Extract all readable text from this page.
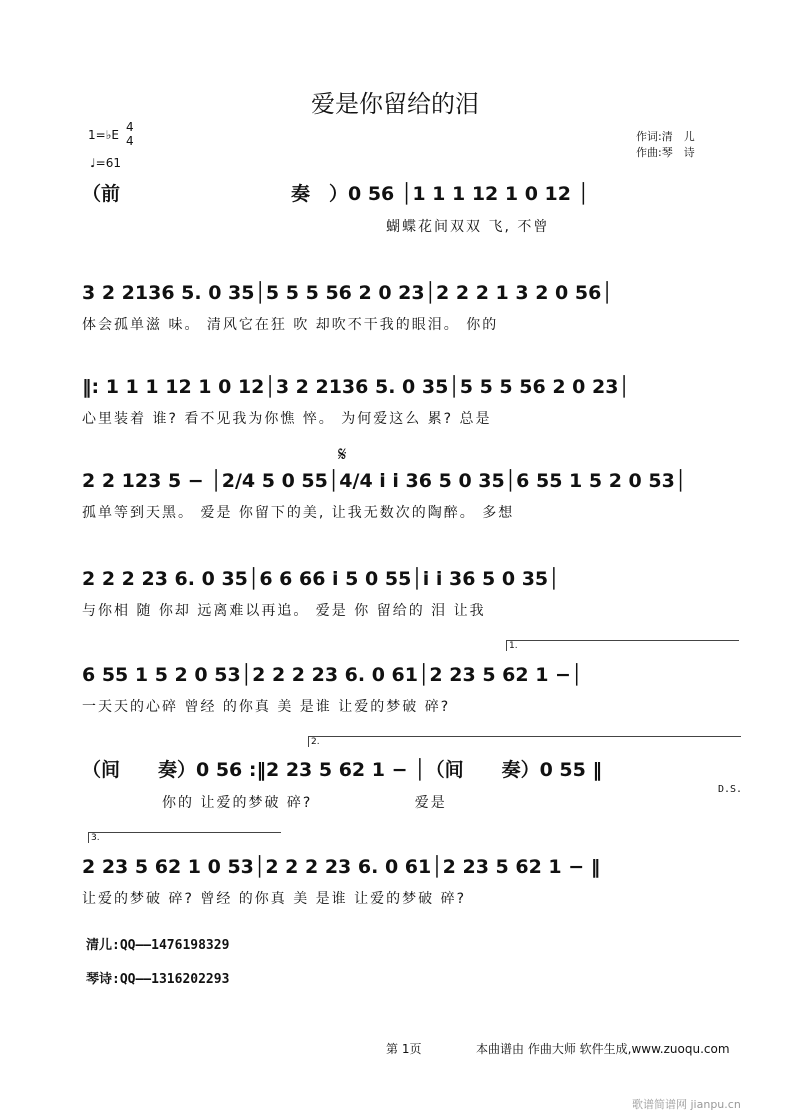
爱是你留给的泪
1=♭E
4
4
♩=61
作词:清　儿
作曲:琴　诗
（前　　　　　　　　　奏　）0 56 │1 1 1 12 1 0 12 │
　　　　　　　　　　　　　　　　　　　蝴蝶花间双双 飞, 不曾
3 2 2136 5. 0 35│5 5 5 56 2 0 23│2 2 2 1 3 2 0 56│
体会孤单滋 味。 清风它在狂 吹 却吹不干我的眼泪。 你的
‖: 1 1 1 12 1 0 12│3 2 2136 5. 0 35│5 5 5 56 2 0 23│
心里装着 谁? 看不见我为你憔 悴。 为何爱这么 累? 总是
2 2 123 5 − │2/4 5 0 55│4/4 i i 36 5 0 35│6 55 1 5 2 0 53│
孤单等到天黑。 爱是 你留下的美, 让我无数次的陶醉。 多想
𝄋
2 2 2 23 6. 0 35│6 6 66 i 5 0 55│i i 36 5 0 35│
与你相 随 你却 远离难以再追。 爱是 你 留给的 泪 让我
1.
6 55 1 5 2 0 53│2 2 2 23 6. 0 61│2 23 5 62 1 −│
一天天的心碎 曾经 的你真 美 是谁 让爱的梦破 碎?
2.
（间　　奏）0 56 :‖2 23 5 62 1 − │（间　　奏）0 55 ‖
　　　　　你的 让爱的梦破 碎? 　　　　　　爱是
D.S.
3.
2 23 5 62 1 0 53│2 2 2 23 6. 0 61│2 23 5 62 1 − ‖
让爱的梦破 碎? 曾经 的你真 美 是谁 让爱的梦破 碎?
清儿:QQ——1476198329
琴诗:QQ——1316202293
第 1页	本曲谱由 作曲大师 软件生成,www.zuoqu.com
歌谱简谱网 jianpu.cn
